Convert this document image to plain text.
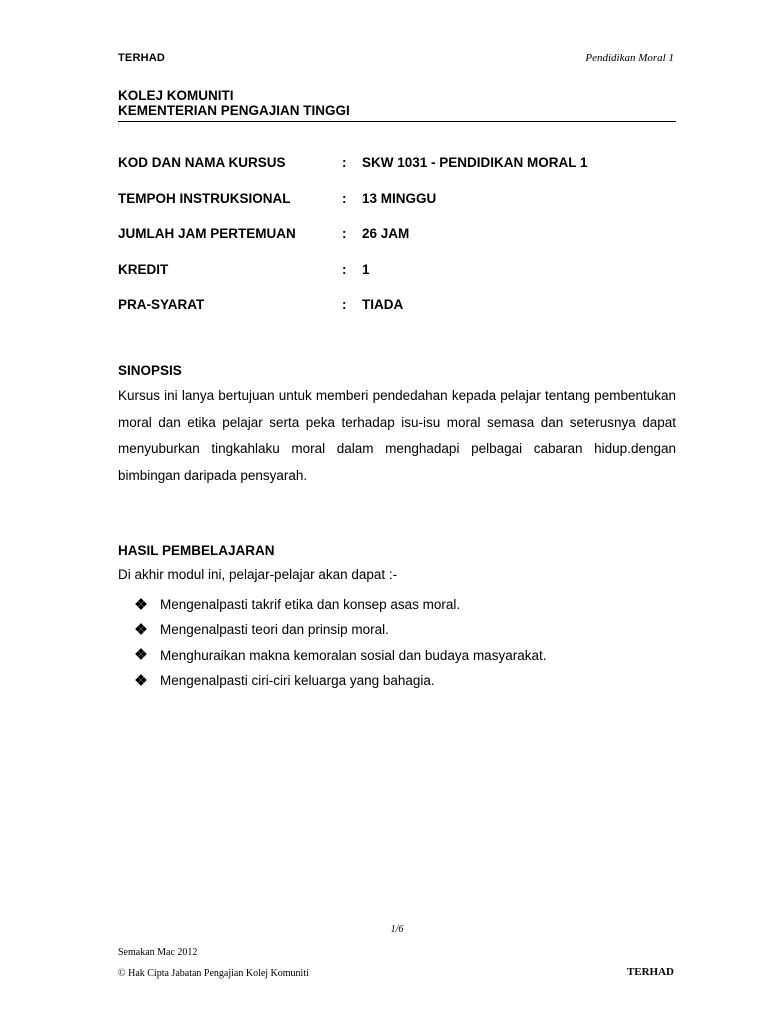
TERHAD	Pendidikan Moral 1
KOLEJ KOMUNITI
KEMENTERIAN PENGAJIAN TINGGI
KOD DAN NAMA KURSUS	:	SKW 1031 - PENDIDIKAN MORAL 1
TEMPOH INSTRUKSIONAL	:	13 MINGGU
JUMLAH JAM PERTEMUAN	:	26 JAM
KREDIT	:	1
PRA-SYARAT	:	TIADA
SINOPSIS
Kursus ini lanya bertujuan untuk memberi pendedahan kepada pelajar tentang pembentukan moral dan etika pelajar serta peka terhadap isu-isu moral semasa dan seterusnya dapat menyuburkan tingkahlaku moral dalam menghadapi pelbagai cabaran hidup.dengan bimbingan daripada pensyarah.
HASIL PEMBELAJARAN
Di akhir modul ini, pelajar-pelajar akan dapat :-
Mengenalpasti takrif etika dan konsep asas moral.
Mengenalpasti teori dan prinsip moral.
Menghuraikan makna kemoralan sosial dan budaya masyarakat.
Mengenalpasti ciri-ciri keluarga yang bahagia.
1/6
Semakan Mac 2012
© Hak Cipta Jabatan Pengajian Kolej Komuniti	TERHAD
